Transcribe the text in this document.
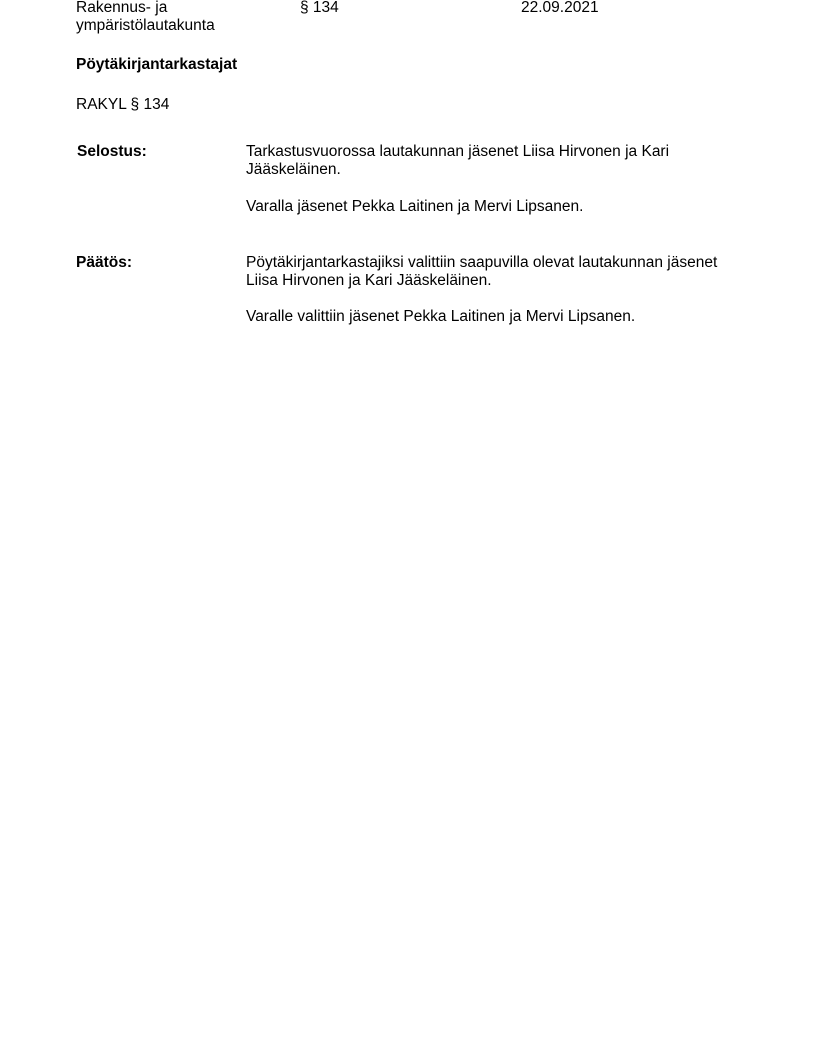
Rakennus- ja
ympäristölautakunta
§ 134	22.09.2021
Pöytäkirjantarkastajat
RAKYL § 134
Selostus:	Tarkastusvuorossa lautakunnan jäsenet Liisa Hirvonen ja Kari
Jääskeläinen.
Varalla jäsenet Pekka Laitinen ja Mervi Lipsanen.
Päätös:	Pöytäkirjantarkastajiksi valittiin saapuvilla olevat lautakunnan jäsenet
Liisa Hirvonen ja Kari Jääskeläinen.
Varalle valittiin jäsenet Pekka Laitinen ja Mervi Lipsanen.
